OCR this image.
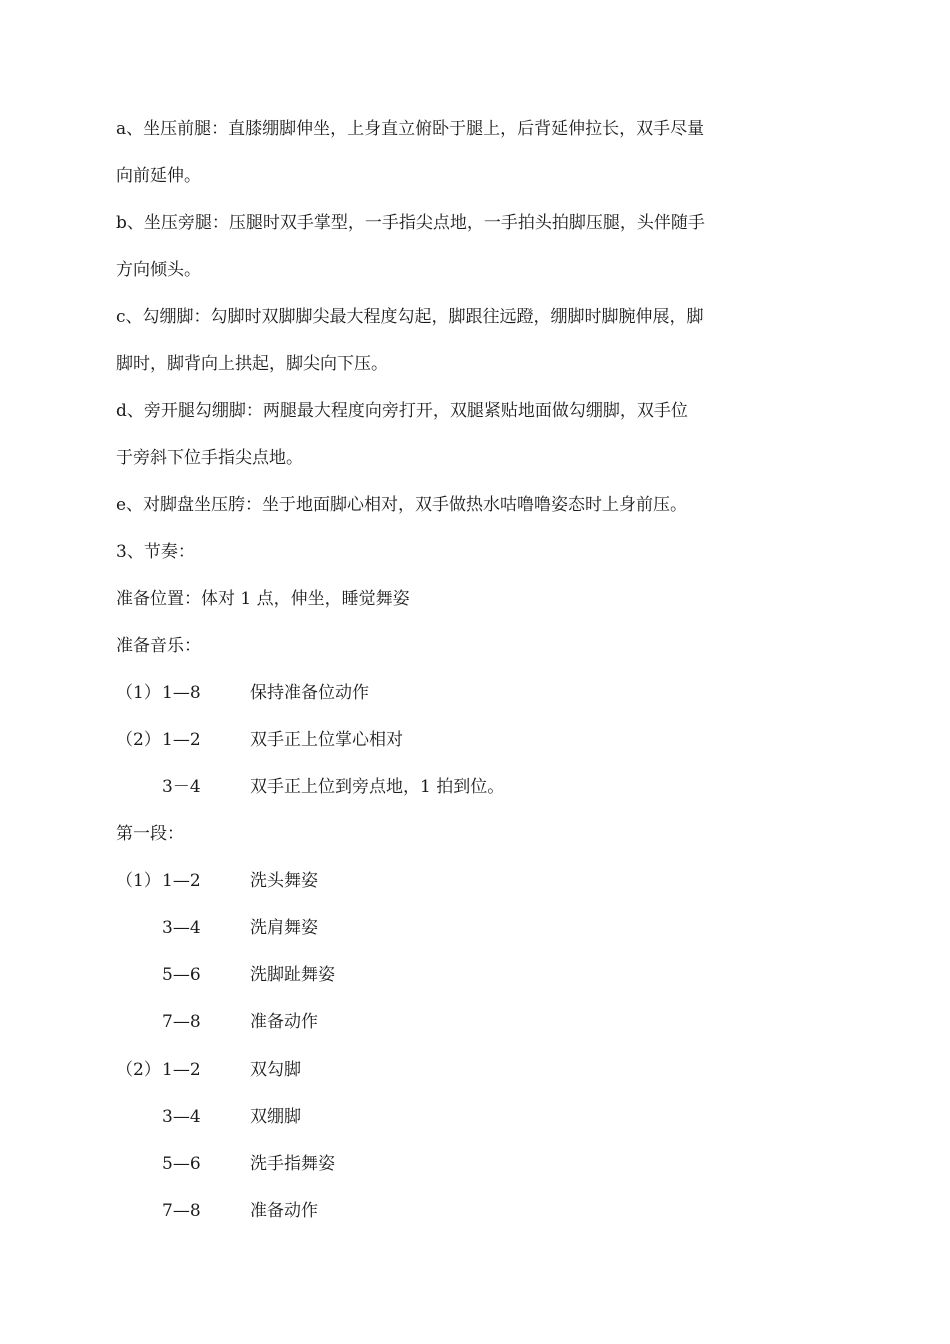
a、坐压前腿：直膝绷脚伸坐，上身直立俯卧于腿上，后背延伸拉长，双手尽量
向前延伸。
b、坐压旁腿：压腿时双手掌型，一手指尖点地，一手拍头拍脚压腿，头伴随手
方向倾头。
c、勾绷脚：勾脚时双脚脚尖最大程度勾起，脚跟往远蹬，绷脚时脚腕伸展，脚
脚时，脚背向上拱起，脚尖向下压。
d、旁开腿勾绷脚：两腿最大程度向旁打开，双腿紧贴地面做勾绷脚，双手位
于旁斜下位手指尖点地。
e、对脚盘坐压胯：坐于地面脚心相对，双手做热水咕噜噜姿态时上身前压。
3、节奏：
准备位置：体对 1 点，伸坐，睡觉舞姿
准备音乐：
（1） 1—8	保持准备位动作
（2） 1—2	双手正上位掌心相对
3－4	双手正上位到旁点地，1 拍到位。
第一段：
（1） 1—2	洗头舞姿
3—4	洗肩舞姿
5—6	洗脚趾舞姿
7—8	准备动作
（2） 1—2	双勾脚
3—4	双绷脚
5—6	洗手指舞姿
7—8	准备动作
